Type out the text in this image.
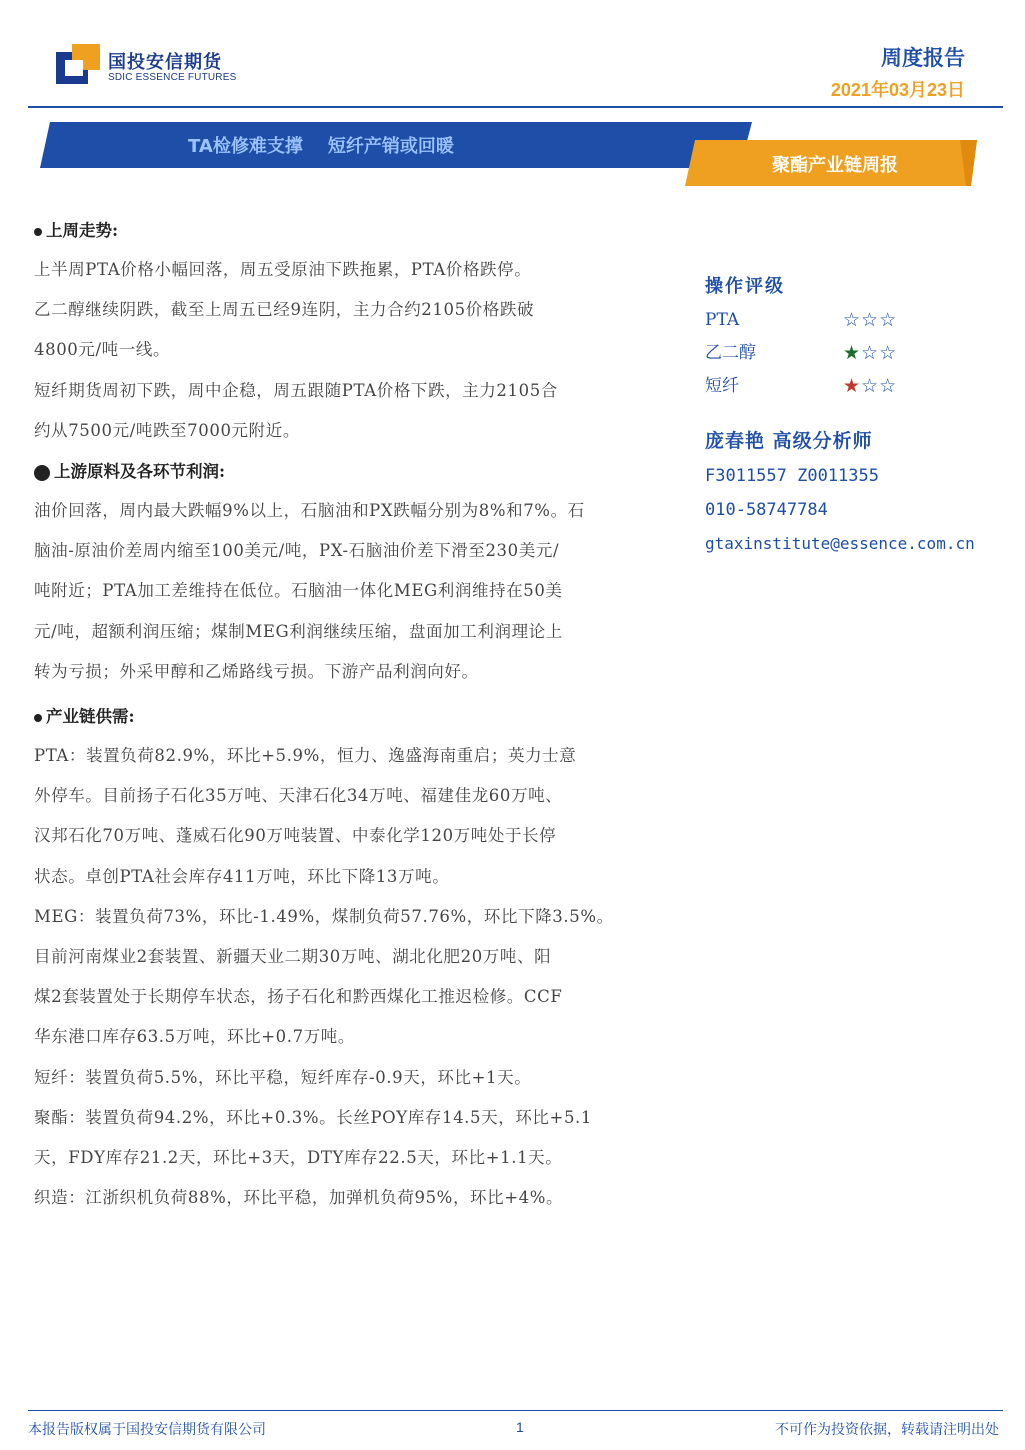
国投安信期货
SDIC ESSENCE FUTURES
周度报告
2021年03月23日
TA检修难支撑    短纤产销或回暖
聚酯产业链周报
上周走势:

上半周PTA价格小幅回落，周五受原油下跌拖累，PTA价格跌停。

乙二醇继续阴跌，截至上周五已经9连阴，主力合约2105价格跌破

4800元/吨一线。

短纤期货周初下跌，周中企稳，周五跟随PTA价格下跌，主力2105合

约从7500元/吨跌至7000元附近。

上游原料及各环节利润:

油价回落，周内最大跌幅9%以上，石脑油和PX跌幅分别为8%和7%。石

脑油-原油价差周内缩至100美元/吨，PX-石脑油价差下滑至230美元/

吨附近；PTA加工差维持在低位。石脑油一体化MEG利润维持在50美

元/吨，超额利润压缩；煤制MEG利润继续压缩，盘面加工利润理论上

转为亏损；外采甲醇和乙烯路线亏损。下游产品利润向好。

产业链供需:

PTA：装置负荷82.9%，环比+5.9%，恒力、逸盛海南重启；英力士意

外停车。目前扬子石化35万吨、天津石化34万吨、福建佳龙60万吨、

汉邦石化70万吨、蓬威石化90万吨装置、中泰化学120万吨处于长停

状态。卓创PTA社会库存411万吨，环比下降13万吨。

MEG：装置负荷73%，环比-1.49%，煤制负荷57.76%，环比下降3.5%。

目前河南煤业2套装置、新疆天业二期30万吨、湖北化肥20万吨、阳

煤2套装置处于长期停车状态，扬子石化和黔西煤化工推迟检修。CCF

华东港口库存63.5万吨，环比+0.7万吨。

短纤：装置负荷5.5%，环比平稳，短纤库存-0.9天，环比+1天。

聚酯：装置负荷94.2%，环比+0.3%。长丝POY库存14.5天，环比+5.1

天，FDY库存21.2天，环比+3天，DTY库存22.5天，环比+1.1天。

织造：江浙织机负荷88%，环比平稳，加弹机负荷95%，环比+4%。

操作评级
PTA	☆☆☆
乙二醇	★☆☆
短纤	★☆☆
庞春艳 高级分析师
F3011557 Z0011355
010-58747784
gtaxinstitute@essence.com.cn
本报告版权属于国投安信期货有限公司	1	不可作为投资依据，转载请注明出处
